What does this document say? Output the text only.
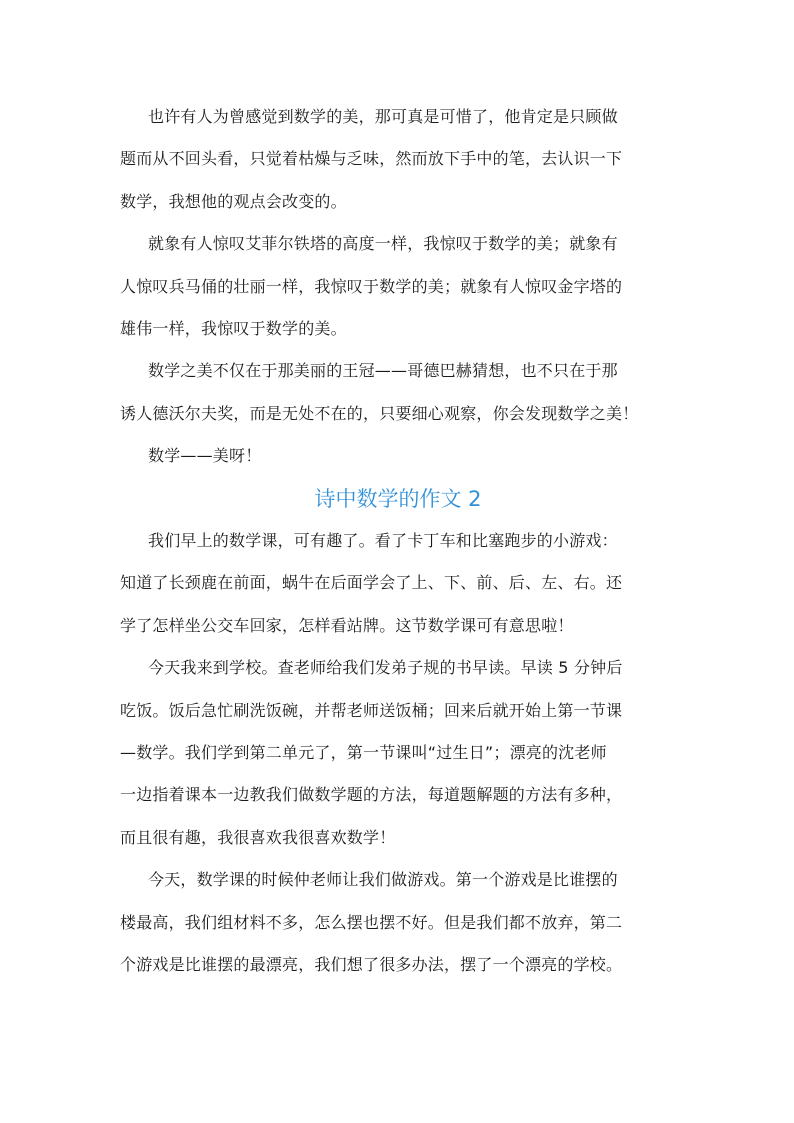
也许有人为曾感觉到数学的美，那可真是可惜了，他肯定是只顾做

题而从不回头看，只觉着枯燥与乏味，然而放下手中的笔，去认识一下

数学，我想他的观点会改变的。

就象有人惊叹艾菲尔铁塔的高度一样，我惊叹于数学的美；就象有

人惊叹兵马俑的壮丽一样，我惊叹于数学的美；就象有人惊叹金字塔的

雄伟一样，我惊叹于数学的美。

数学之美不仅在于那美丽的王冠——哥德巴赫猜想，也不只在于那

诱人德沃尔夫奖，而是无处不在的，只要细心观察，你会发现数学之美！

数学——美呀！

诗中数学的作文 2

我们早上的数学课，可有趣了。看了卡丁车和比塞跑步的小游戏：

知道了长颈鹿在前面，蜗牛在后面学会了上、下、前、后、左、右。还

学了怎样坐公交车回家，怎样看站牌。这节数学课可有意思啦！

今天我来到学校。查老师给我们发弟子规的书早读。早读 5 分钟后

吃饭。饭后急忙刷洗饭碗，并帮老师送饭桶；回来后就开始上第一节课

—数学。我们学到第二单元了，第一节课叫“过生日”；漂亮的沈老师

一边指着课本一边教我们做数学题的方法，每道题解题的方法有多种，

而且很有趣，我很喜欢我很喜欢数学！

今天，数学课的时候仲老师让我们做游戏。第一个游戏是比谁摆的

楼最高，我们组材料不多，怎么摆也摆不好。但是我们都不放弃，第二

个游戏是比谁摆的最漂亮，我们想了很多办法，摆了一个漂亮的学校。
